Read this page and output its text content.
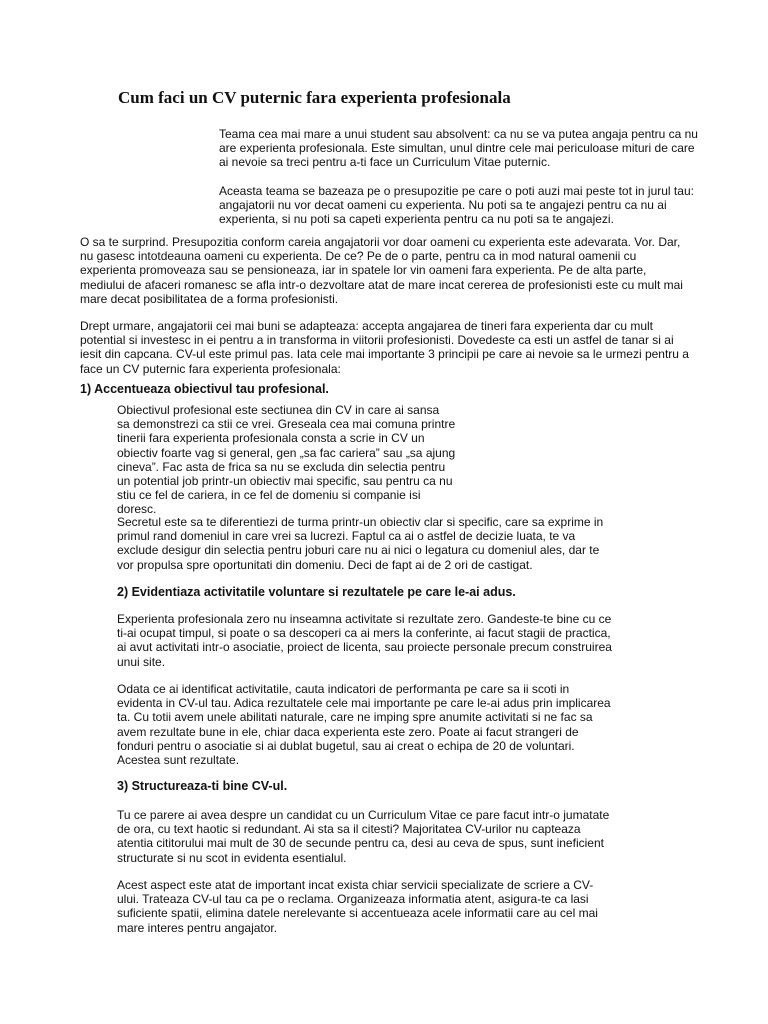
Cum faci un CV puternic fara experienta profesionala

Teama cea mai mare a unui student sau absolvent: ca nu se va putea angaja pentru ca nu
are experienta profesionala. Este simultan, unul dintre cele mai periculoase mituri de care
ai nevoie sa treci pentru a-ti face un Curriculum Vitae puternic.

Aceasta teama se bazeaza pe o presupozitie pe care o poti auzi mai peste tot in jurul tau:
angajatorii nu vor decat oameni cu experienta. Nu poti sa te angajezi pentru ca nu ai
experienta, si nu poti sa capeti experienta pentru ca nu poti sa te angajezi.

O sa te surprind. Presupozitia conform careia angajatorii vor doar oameni cu experienta este adevarata. Vor. Dar,
nu gasesc intotdeauna oameni cu experienta. De ce? Pe de o parte, pentru ca in mod natural oamenii cu
experienta promoveaza sau se pensioneaza, iar in spatele lor vin oameni fara experienta. Pe de alta parte,
mediului de afaceri romanesc se afla intr-o dezvoltare atat de mare incat cererea de profesionisti este cu mult mai
mare decat posibilitatea de a forma profesionisti.

Drept urmare, angajatorii cei mai buni se adapteaza: accepta angajarea de tineri fara experienta dar cu mult
potential si investesc in ei pentru a in transforma in viitorii profesionisti. Dovedeste ca esti un astfel de tanar si ai
iesit din capcana. CV-ul este primul pas. Iata cele mai importante 3 principii pe care ai nevoie sa le urmezi pentru a
face un CV puternic fara experienta profesionala:

1) Accentueaza obiectivul tau profesional.

Obiectivul profesional este sectiunea din CV in care ai sansa
sa demonstrezi ca stii ce vrei. Greseala cea mai comuna printre
tinerii fara experienta profesionala consta a scrie in CV un
obiectiv foarte vag si general, gen „sa fac cariera” sau „sa ajung
cineva”. Fac asta de frica sa nu se excluda din selectia pentru
un potential job printr-un obiectiv mai specific, sau pentru ca nu
stiu ce fel de cariera, in ce fel de domeniu si companie isi
doresc.

Secretul este sa te diferentiezi de turma printr-un obiectiv clar si specific, care sa exprime in
primul rand domeniul in care vrei sa lucrezi. Faptul ca ai o astfel de decizie luata, te va
exclude desigur din selectia pentru joburi care nu ai nici o legatura cu domeniul ales, dar te
vor propulsa spre oportunitati din domeniu. Deci de fapt ai de 2 ori de castigat.

2) Evidentiaza activitatile voluntare si rezultatele pe care le-ai adus.

Experienta profesionala zero nu inseamna activitate si rezultate zero. Gandeste-te bine cu ce
ti-ai ocupat timpul, si poate o sa descoperi ca ai mers la conferinte, ai facut stagii de practica,
ai avut activitati intr-o asociatie, proiect de licenta, sau proiecte personale precum construirea
unui site.

Odata ce ai identificat activitatile, cauta indicatori de performanta pe care sa ii scoti in
evidenta in CV-ul tau. Adica rezultatele cele mai importante pe care le-ai adus prin implicarea
ta. Cu totii avem unele abilitati naturale, care ne imping spre anumite activitati si ne fac sa
avem rezultate bune in ele, chiar daca experienta este zero. Poate ai facut strangeri de
fonduri pentru o asociatie si ai dublat bugetul, sau ai creat o echipa de 20 de voluntari.
Acestea sunt rezultate.

3) Structureaza-ti bine CV-ul.

Tu ce parere ai avea despre un candidat cu un Curriculum Vitae ce pare facut intr-o jumatate
de ora, cu text haotic si redundant. Ai sta sa il citesti? Majoritatea CV-urilor nu capteaza
atentia cititorului mai mult de 30 de secunde pentru ca, desi au ceva de spus, sunt ineficient
structurate si nu scot in evidenta esentialul.

Acest aspect este atat de important incat exista chiar servicii specializate de scriere a CV-
ului. Trateaza CV-ul tau ca pe o reclama. Organizeaza informatia atent, asigura-te ca lasi
suficiente spatii, elimina datele nerelevante si accentueaza acele informatii care au cel mai
mare interes pentru angajator.
